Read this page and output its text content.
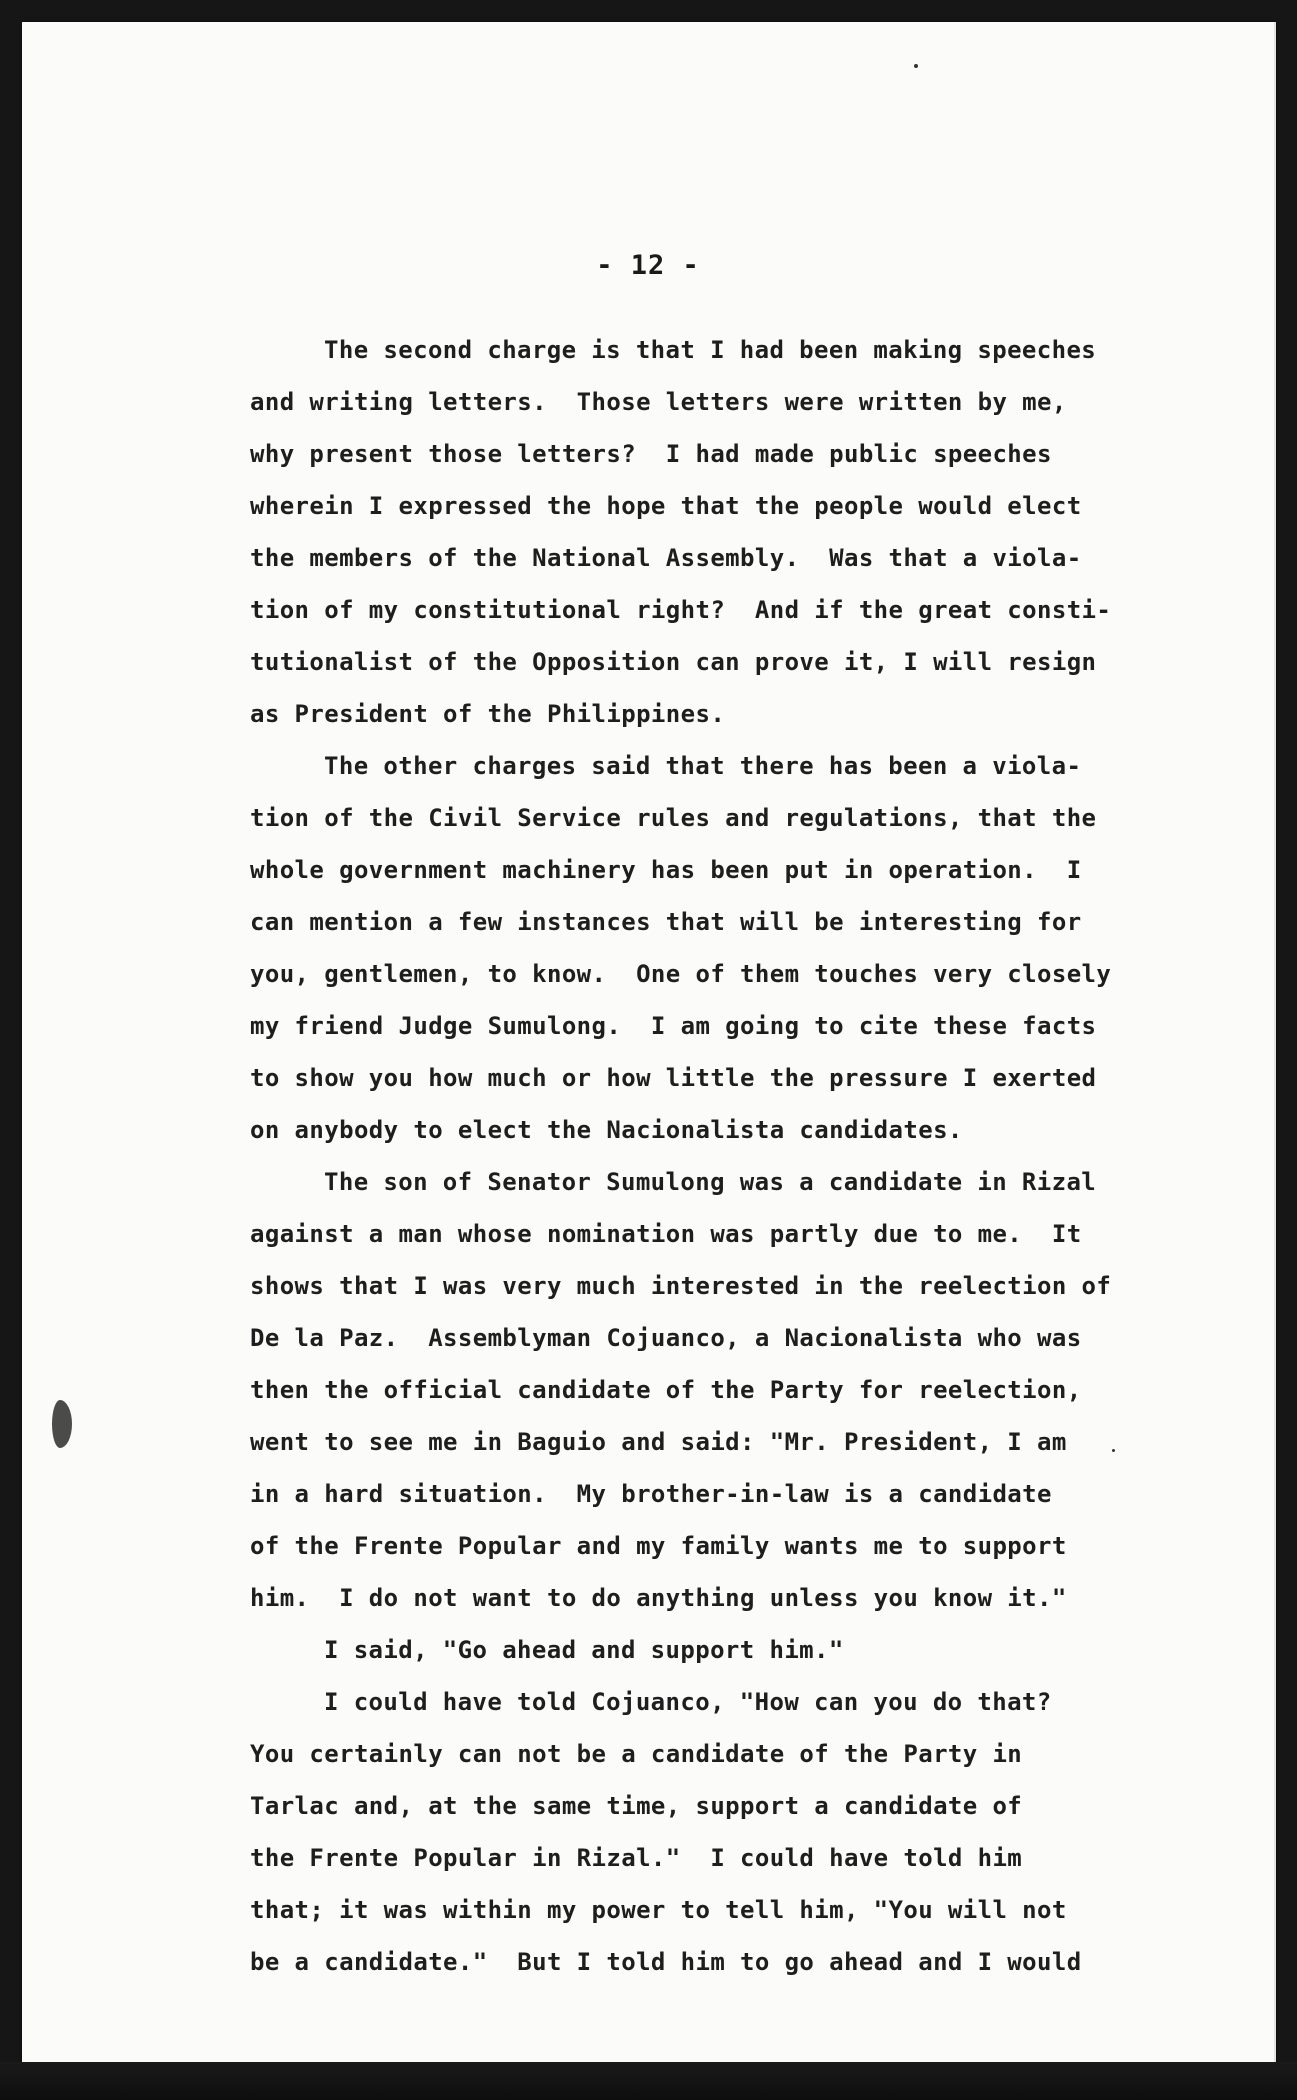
- 12 -
The second charge is that I had been making speeches
and writing letters.  Those letters were written by me,
why present those letters?  I had made public speeches
wherein I expressed the hope that the people would elect
the members of the National Assembly.  Was that a viola-
tion of my constitutional right?  And if the great consti-
tutionalist of the Opposition can prove it, I will resign
as President of the Philippines.
The other charges said that there has been a viola-
tion of the Civil Service rules and regulations, that the
whole government machinery has been put in operation.  I
can mention a few instances that will be interesting for
you, gentlemen, to know.  One of them touches very closely
my friend Judge Sumulong.  I am going to cite these facts
to show you how much or how little the pressure I exerted
on anybody to elect the Nacionalista candidates.
The son of Senator Sumulong was a candidate in Rizal
against a man whose nomination was partly due to me.  It
shows that I was very much interested in the reelection of
De la Paz.  Assemblyman Cojuanco, a Nacionalista who was
then the official candidate of the Party for reelection,
went to see me in Baguio and said: "Mr. President, I am
in a hard situation.  My brother-in-law is a candidate
of the Frente Popular and my family wants me to support
him.  I do not want to do anything unless you know it."
I said, "Go ahead and support him."
I could have told Cojuanco, "How can you do that?
You certainly can not be a candidate of the Party in
Tarlac and, at the same time, support a candidate of
the Frente Popular in Rizal."  I could have told him
that; it was within my power to tell him, "You will not
be a candidate."  But I told him to go ahead and I would
